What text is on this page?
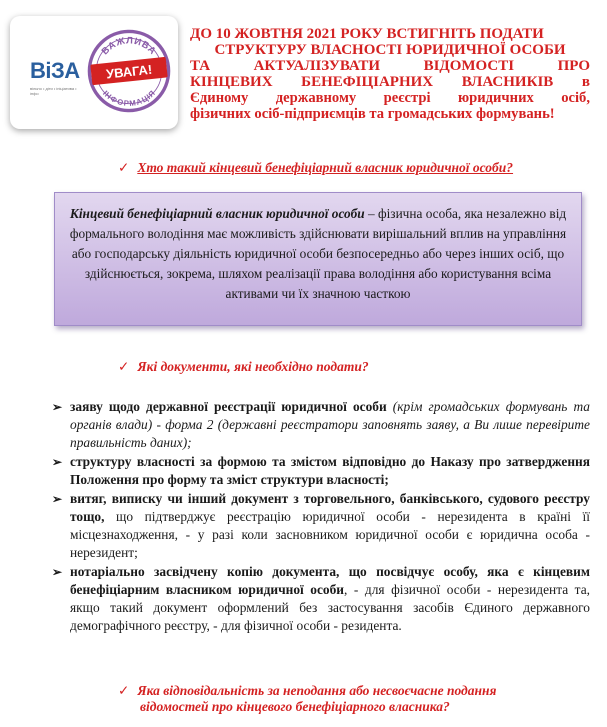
ВіЗА
вільно • діти • ініціатива • інфо
ВАЖЛИВА
ІНФОРМАЦІЯ
УВАГА!
ДО 10 ЖОВТНЯ 2021 РОКУ ВСТИГНІТЬ ПОДАТИ
СТРУКТУРУ ВЛАСНОСТІ ЮРИДИЧНОЇ ОСОБИ
ТА АКТУАЛІЗУВАТИ ВІДОМОСТІ ПРО
КІНЦЕВИХ БЕНЕФІЦІАРНИХ ВЛАСНИКІВ в
Єдиному державному реєстрі юридичних осіб,
фізичних осіб-підприємців та громадських формувань!
✓ Хто такий кінцевий бенефіціарний власник юридичної особи?
Кінцевий бенефіціарний власник юридичної особи – фізична особа, яка незалежно від формального володіння має можливість здійснювати вирішальний вплив на управління або господарську діяльність юридичної особи безпосередньо або через інших осіб, що здійснюється, зокрема, шляхом реалізації права володіння або користування всіма активами чи їх значною часткою
✓ Які документи, які необхідно подати?
➢ заяву щодо державної реєстрації юридичної особи (крім громадських формувань та органів влади) - форма 2 (державні реєстратори заповнять заяву, а Ви лише перевірите правильність даних);
➢ структуру власності за формою та змістом відповідно до Наказу про затвердження Положення про форму та зміст структури власності;
➢ витяг, виписку чи інший документ з торговельного, банківського, судового реєстру тощо, що підтверджує реєстрацію юридичної особи - нерезидента в країні її місцезнаходження, - у разі коли засновником юридичної особи є юридична особа - нерезидент;
➢ нотаріально засвідчену копію документа, що посвідчує особу, яка є кінцевим бенефіціарним власником юридичної особи, - для фізичної особи - нерезидента та, якщо такий документ оформлений без застосування засобів Єдиного державного демографічного реєстру, - для фізичної особи - резидента.
✓ Яка відповідальність за неподання або несвоєчасне подання
відомостей про кінцевого бенефіціарного власника?
